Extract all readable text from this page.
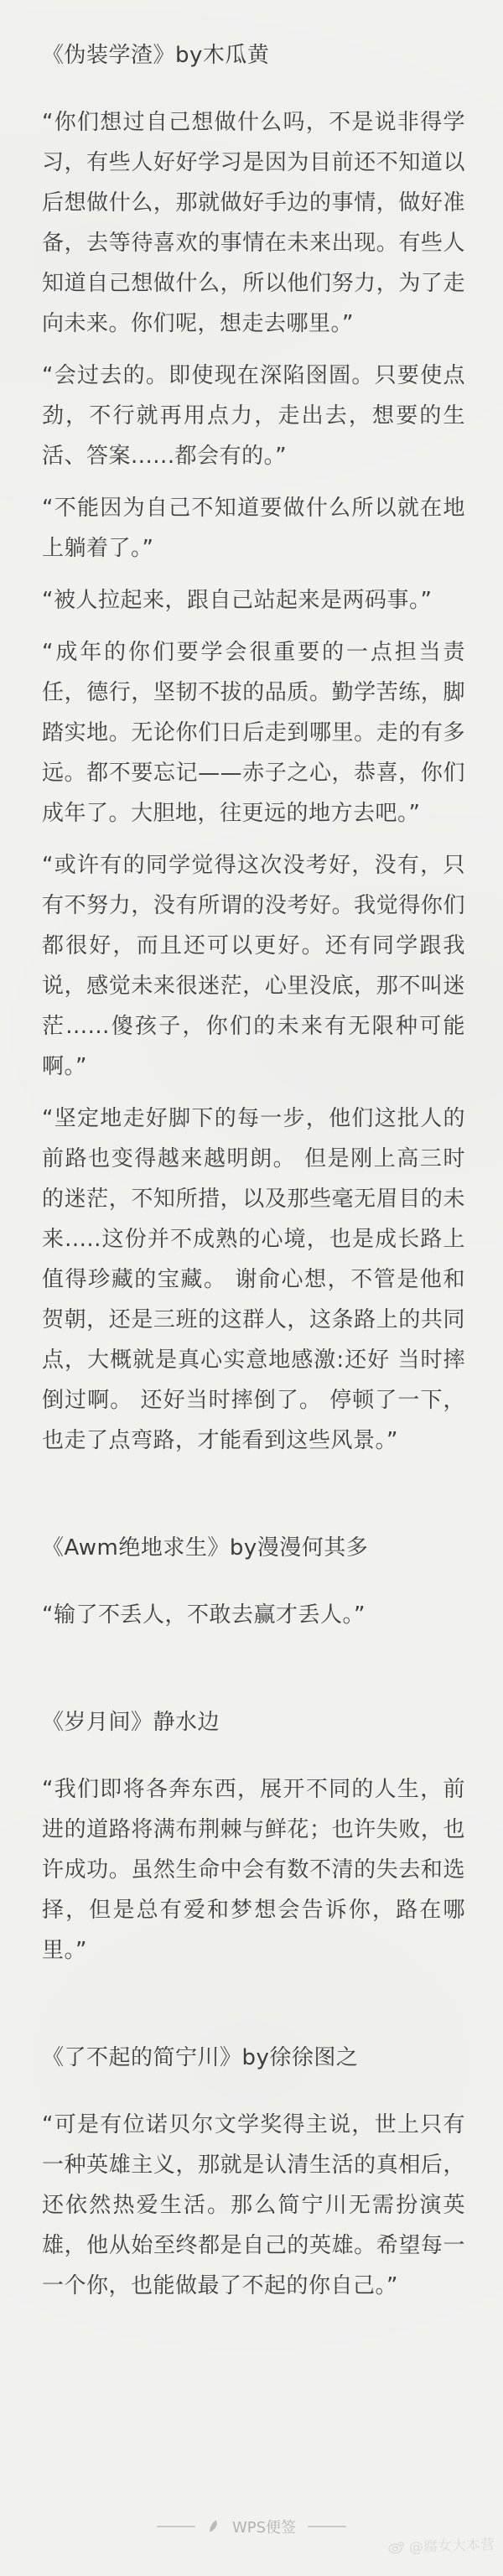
《伪装学渣》by木瓜黄

“你们想过自己想做什么吗，不是说非得学习，有些人好好学习是因为目前还不知道以后想做什么，那就做好手边的事情，做好准备，去等待喜欢的事情在未来出现。有些人知道自己想做什么，所以他们努力，为了走向未来。你们呢，想走去哪里。”

“会过去的。即使现在深陷囹圄。只要使点劲，不行就再用点力，走出去，想要的生活、答案......都会有的。”

“不能因为自己不知道要做什么所以就在地上躺着了。”

“被人拉起来，跟自己站起来是两码事。”

“成年的你们要学会很重要的一点担当责任，德行，坚韧不拔的品质。勤学苦练，脚踏实地。无论你们日后走到哪里。走的有多远。都不要忘记——赤子之心，恭喜，你们成年了。大胆地，往更远的地方去吧。”

“或许有的同学觉得这次没考好，没有，只有不努力，没有所谓的没考好。我觉得你们都很好，而且还可以更好。还有同学跟我说，感觉未来很迷茫，心里没底，那不叫迷茫......傻孩子，你们的未来有无限种可能啊。”

“坚定地走好脚下的每一步，他们这批人的前路也变得越来越明朗。 但是刚上高三时的迷茫，不知所措，以及那些毫无眉目的未来.....这份并不成熟的心境，也是成长路上值得珍藏的宝藏。 谢俞心想，不管是他和贺朝，还是三班的这群人，这条路上的共同点，大概就是真心实意地感激:还好 当时摔倒过啊。 还好当时摔倒了。 停顿了一下，也走了点弯路，才能看到这些风景。”

《Awm绝地求生》by漫漫何其多

“输了不丢人，不敢去赢才丢人。”

《岁月间》静水边

“我们即将各奔东西，展开不同的人生，前进的道路将满布荆棘与鲜花；也许失败，也许成功。虽然生命中会有数不清的失去和选择，但是总有爱和梦想会告诉你，路在哪里。”

《了不起的简宁川》by徐徐图之

“可是有位诺贝尔文学奖得主说，世上只有一种英雄主义，那就是认清生活的真相后，还依然热爱生活。那么简宁川无需扮演英雄，他从始至终都是自己的英雄。希望每一一个你，也能做最了不起的你自己。”

WPS便签
@腐女大本营
